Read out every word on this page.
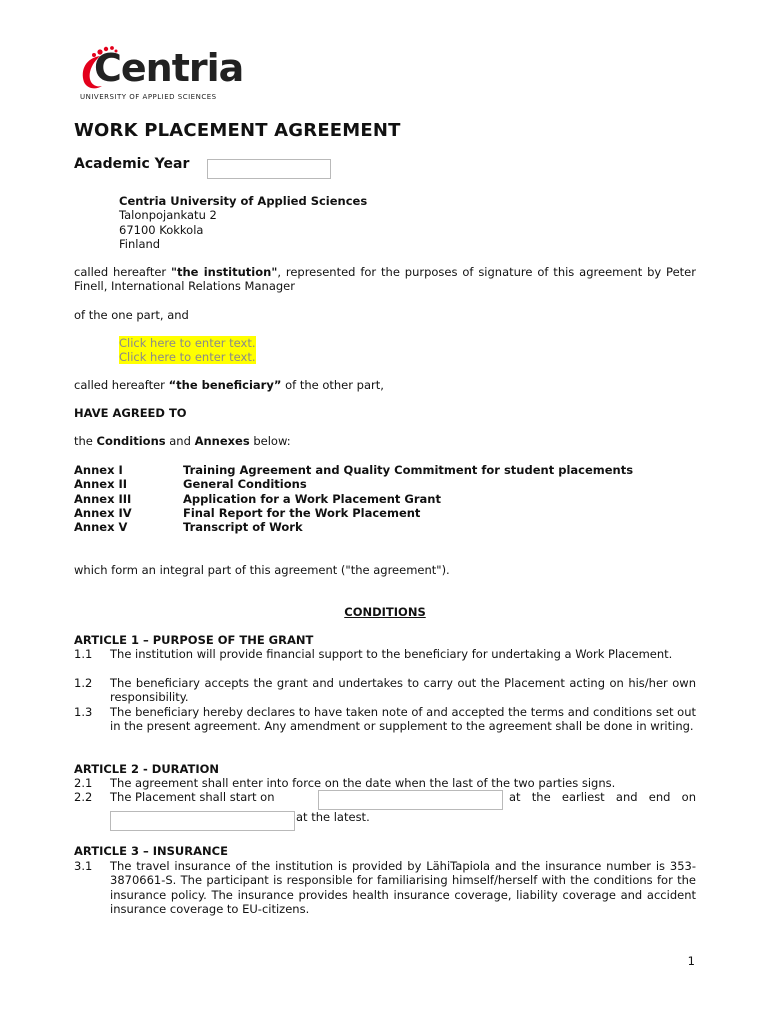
Centria
UNIVERSITY OF APPLIED SCIENCES
WORK PLACEMENT AGREEMENT
Academic Year
Centria University of Applied Sciences
Talonpojankatu 2
67100 Kokkola
Finland
called hereafter "the institution", represented for the purposes of signature of this agreement by Peter Finell, International Relations Manager
of the one part, and
Click here to enter text.
Click here to enter text.
called hereafter “the beneficiary” of the other part,
HAVE AGREED TO
the Conditions and Annexes below:
Annex I	Training Agreement and Quality Commitment for student placements
Annex II	General Conditions
Annex III	Application for a Work Placement Grant
Annex IV	Final Report for the Work Placement
Annex V	Transcript of Work
which form an integral part of this agreement ("the agreement").
CONDITIONS
ARTICLE 1 – PURPOSE OF THE GRANT
1.1	The institution will provide financial support to the beneficiary for undertaking a Work Placement.
1.2	The beneficiary accepts the grant and undertakes to carry out the Placement acting on his/her own responsibility.
1.3	The beneficiary hereby declares to have taken note of and accepted the terms and conditions set out in the present agreement. Any amendment or supplement to the agreement shall be done in writing.
ARTICLE 2 - DURATION
2.1	The agreement shall enter into force on the date when the last of the two parties signs.
2.2	The Placement shall start on	at the earliest and end on
at the latest.
ARTICLE 3 – INSURANCE
3.1	The travel insurance of the institution is provided by LähiTapiola and the insurance number is 353-3870661-S. The participant is responsible for familiarising himself/herself with the conditions for the insurance policy. The insurance provides health insurance coverage, liability coverage and accident insurance coverage to EU-citizens.
1
